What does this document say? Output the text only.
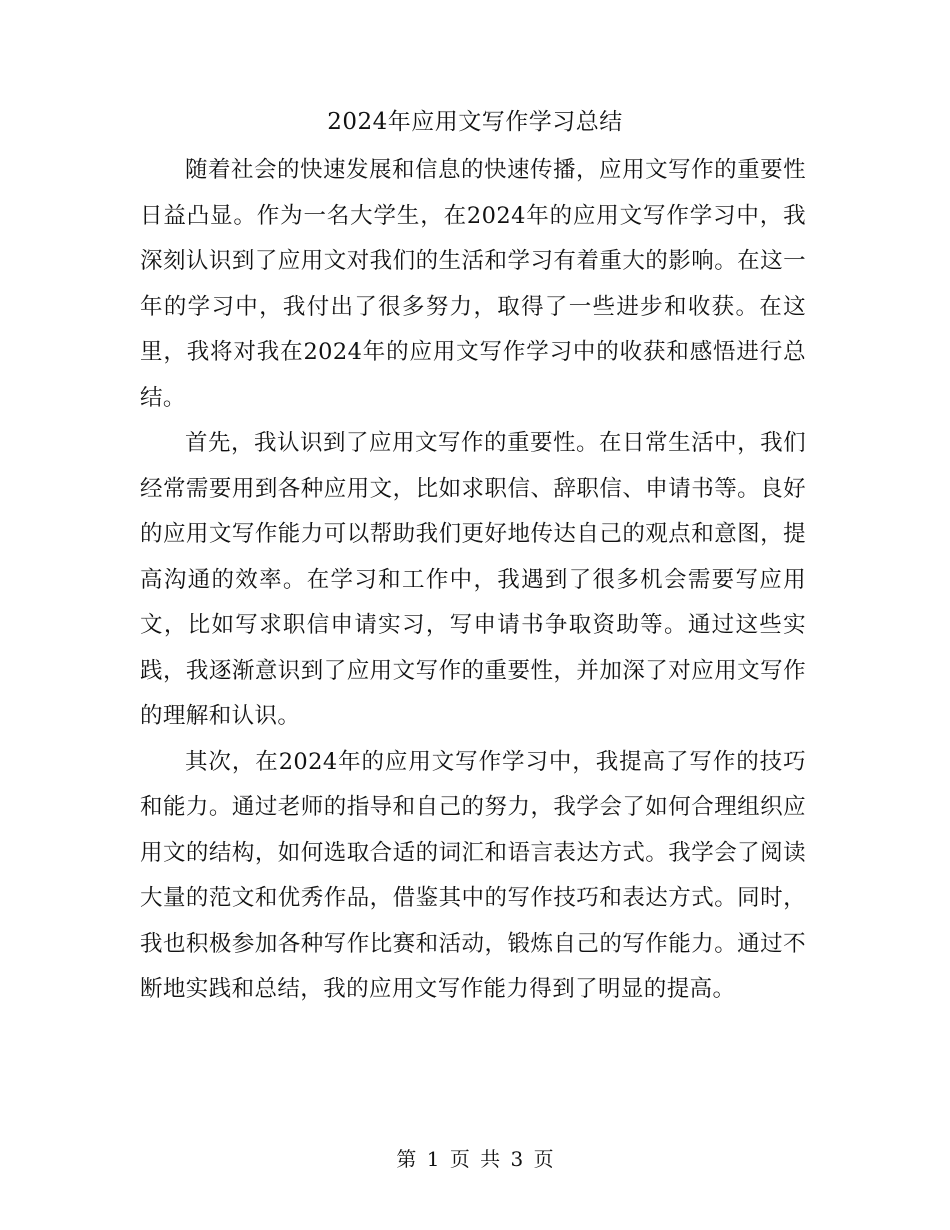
2024年应用文写作学习总结

随着社会的快速发展和信息的快速传播，应用文写作的重要性日益凸显。作为一名大学生，在2024年的应用文写作学习中，我深刻认识到了应用文对我们的生活和学习有着重大的影响。在这一年的学习中，我付出了很多努力，取得了一些进步和收获。在这里，我将对我在2024年的应用文写作学习中的收获和感悟进行总结。

首先，我认识到了应用文写作的重要性。在日常生活中，我们经常需要用到各种应用文，比如求职信、辞职信、申请书等。良好的应用文写作能力可以帮助我们更好地传达自己的观点和意图，提高沟通的效率。在学习和工作中，我遇到了很多机会需要写应用文，比如写求职信申请实习，写申请书争取资助等。通过这些实践，我逐渐意识到了应用文写作的重要性，并加深了对应用文写作的理解和认识。

其次，在2024年的应用文写作学习中，我提高了写作的技巧和能力。通过老师的指导和自己的努力，我学会了如何合理组织应用文的结构，如何选取合适的词汇和语言表达方式。我学会了阅读大量的范文和优秀作品，借鉴其中的写作技巧和表达方式。同时，我也积极参加各种写作比赛和活动，锻炼自己的写作能力。通过不断地实践和总结，我的应用文写作能力得到了明显的提高。

第 1 页 共 3 页
